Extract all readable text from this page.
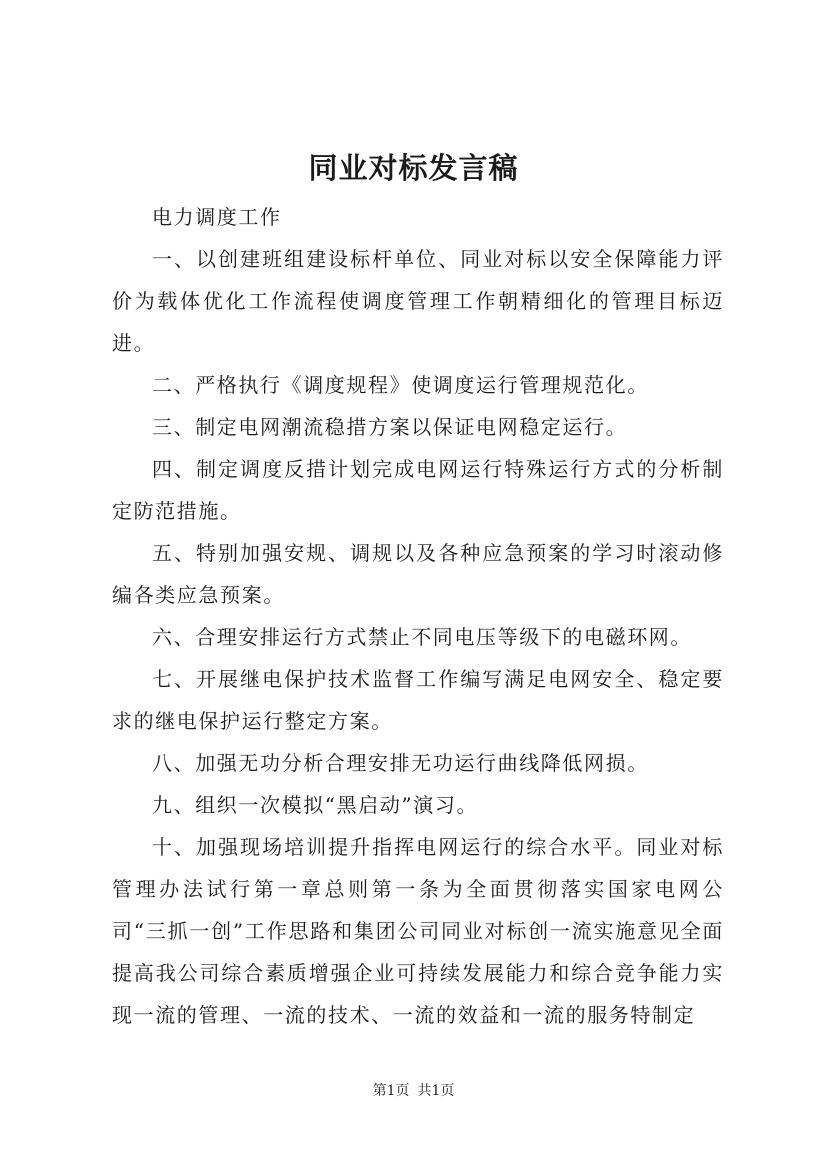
同业对标发言稿

电力调度工作

一、以创建班组建设标杆单位、同业对标以安全保障能力评价为载体优化工作流程使调度管理工作朝精细化的管理目标迈进。

二、严格执行《调度规程》使调度运行管理规范化。

三、制定电网潮流稳措方案以保证电网稳定运行。

四、制定调度反措计划完成电网运行特殊运行方式的分析制定防范措施。

五、特别加强安规、调规以及各种应急预案的学习时滚动修编各类应急预案。

六、合理安排运行方式禁止不同电压等级下的电磁环网。

七、开展继电保护技术监督工作编写满足电网安全、稳定要求的继电保护运行整定方案。

八、加强无功分析合理安排无功运行曲线降低网损。

九、组织一次模拟“黑启动”演习。

十、加强现场培训提升指挥电网运行的综合水平。同业对标管理办法试行第一章总则第一条为全面贯彻落实国家电网公司“三抓一创”工作思路和集团公司同业对标创一流实施意见全面提高我公司综合素质增强企业可持续发展能力和综合竞争能力实现一流的管理、一流的技术、一流的效益和一流的服务特制定

第1页 共1页
